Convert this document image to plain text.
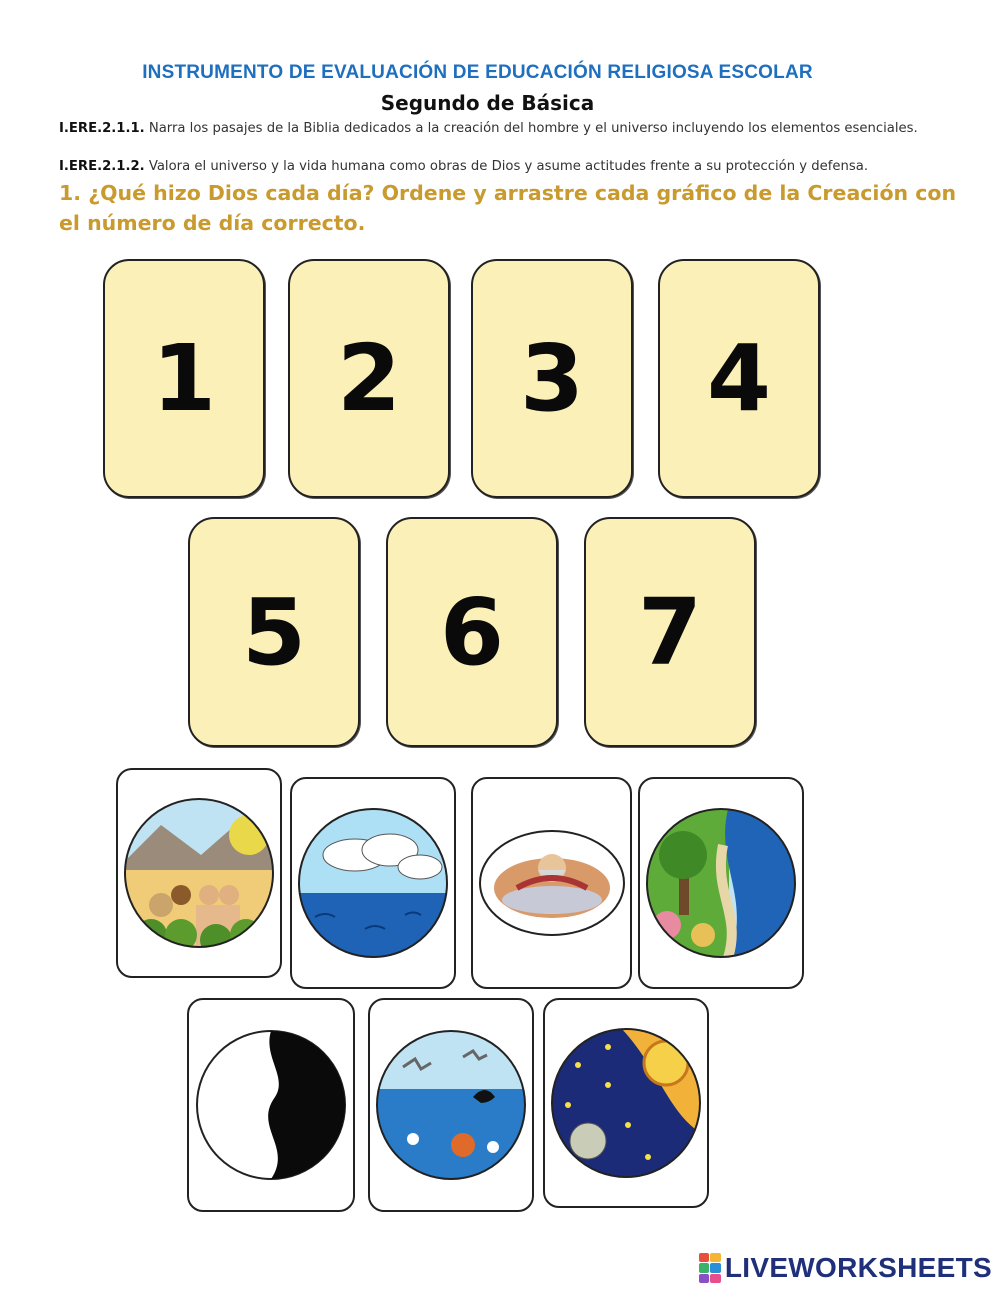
INSTRUMENTO DE EVALUACIÓN DE EDUCACIÓN RELIGIOSA ESCOLAR
Segundo de Básica
I.ERE.2.1.1. Narra los pasajes de la Biblia dedicados a la creación del hombre y el universo incluyendo los elementos esenciales.
I.ERE.2.1.2. Valora el universo y la vida humana como obras de Dios y asume actitudes frente a su protección y defensa.
1. ¿Qué hizo Dios cada día? Ordene y arrastre cada gráfico de la Creación con el número de día correcto.
1 2 3 4
5 6 7
LIVEWORKSHEETS
